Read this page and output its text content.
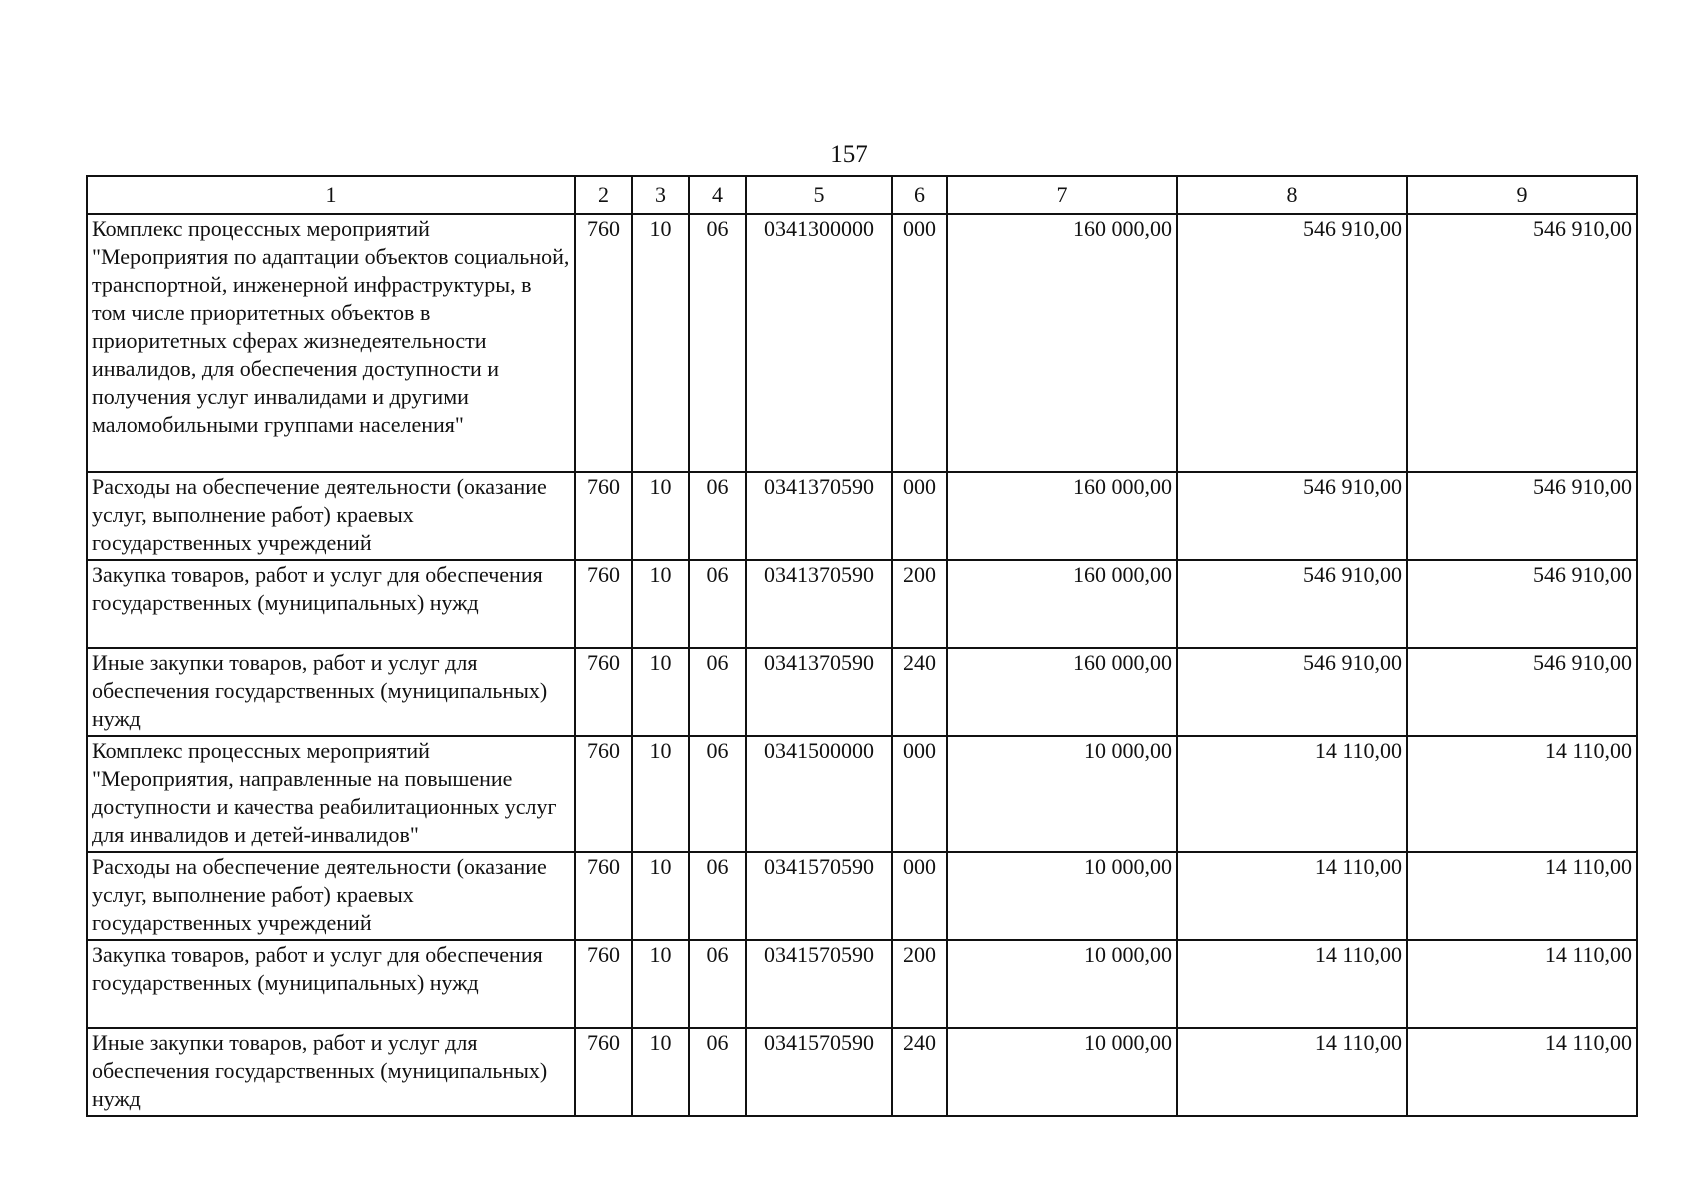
157
1	2	3	4	5	6	7	8	9
Комплекс процессных мероприятий "Мероприятия по адаптации объектов социальной, транспортной, инженерной инфраструктуры, в том числе приоритетных объектов в приоритетных сферах жизнедеятельности инвалидов, для обеспечения доступности и получения услуг инвалидами и другими маломобильными группами населения"	760	10	06	0341300000	000	160 000,00	546 910,00	546 910,00
Расходы на обеспечение деятельности (оказание услуг, выполнение работ) краевых государственных учреждений	760	10	06	0341370590	000	160 000,00	546 910,00	546 910,00
Закупка товаров, работ и услуг для обеспечения государственных (муниципальных) нужд	760	10	06	0341370590	200	160 000,00	546 910,00	546 910,00
Иные закупки товаров, работ и услуг для обеспечения государственных (муниципальных) нужд	760	10	06	0341370590	240	160 000,00	546 910,00	546 910,00
Комплекс процессных мероприятий "Мероприятия, направленные на повышение доступности и качества реабилитационных услуг для инвалидов и детей-инвалидов"	760	10	06	0341500000	000	10 000,00	14 110,00	14 110,00
Расходы на обеспечение деятельности (оказание услуг, выполнение работ) краевых государственных учреждений	760	10	06	0341570590	000	10 000,00	14 110,00	14 110,00
Закупка товаров, работ и услуг для обеспечения государственных (муниципальных) нужд	760	10	06	0341570590	200	10 000,00	14 110,00	14 110,00
Иные закупки товаров, работ и услуг для обеспечения государственных (муниципальных) нужд	760	10	06	0341570590	240	10 000,00	14 110,00	14 110,00
